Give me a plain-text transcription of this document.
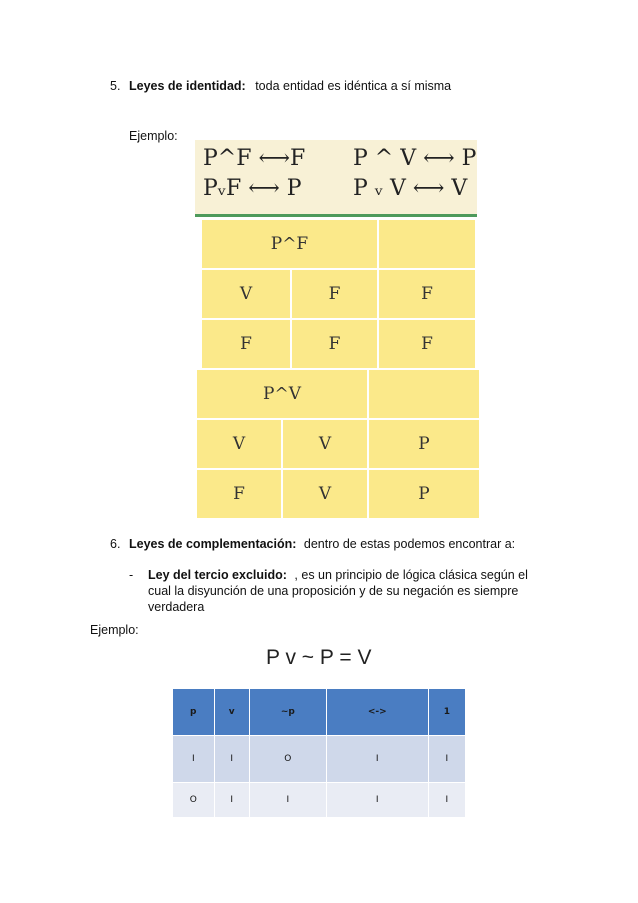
5. Leyes de identidad: toda entidad es idéntica a sí misma
Ejemplo:
P^F ⟷F
PᵥF ⟷ P
P ^ V ⟷ P
P ᵥ V ⟷ V
P^F		
V	F	F
F	F	F
P^V		
V	V	P
F	V	P
6. Leyes de complementación: dentro de estas podemos encontrar a:
- Ley del tercio excluido: , es un principio de lógica clásica según el
cual la disyunción de una proposición y de su negación es siempre
verdadera
Ejemplo:
P v ~ P = V
p	v	~p	<->	1
I	I	O	I	I
O	I	I	I	I
